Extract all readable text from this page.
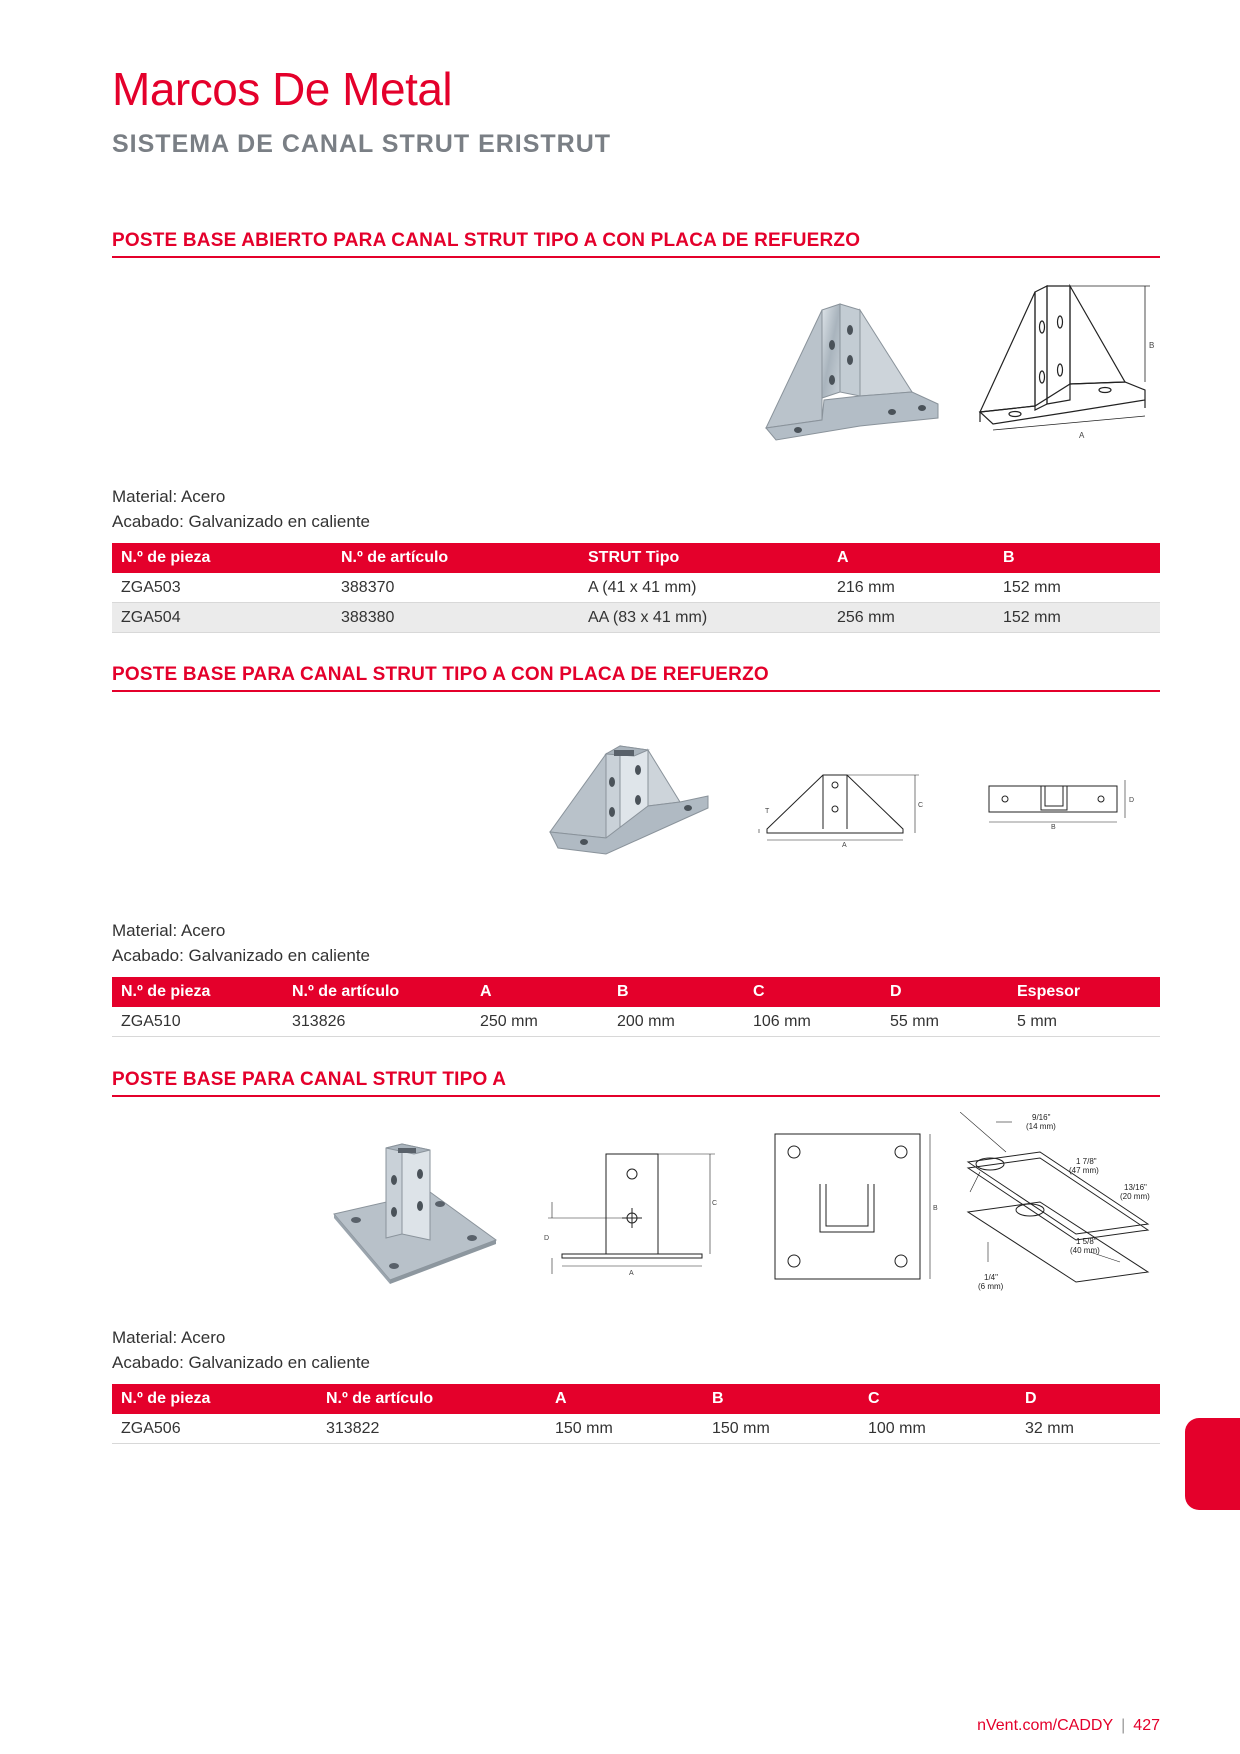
Marcos De Metal
SISTEMA DE CANAL STRUT ERISTRUT
POSTE BASE ABIERTO PARA CANAL STRUT TIPO A CON PLACA DE REFUERZO
B
A
Material: Acero
Acabado: Galvanizado en caliente
N.º de pieza	N.º de artículo	STRUT Tipo	A	B
ZGA503	388370	A (41 x 41 mm)	216 mm	152 mm
ZGA504	388380	AA (83 x 41 mm)	256 mm	152 mm
POSTE BASE PARA CANAL STRUT TIPO A CON PLACA DE REFUERZO
C
T
A
D
B
Material: Acero
Acabado: Galvanizado en caliente
N.º de pieza	N.º de artículo	A	B	C	D	Espesor
ZGA510	313826	250 mm	200 mm	106 mm	55 mm	5 mm
POSTE BASE PARA CANAL STRUT TIPO A
C
D
A
B
9/16"
(14 mm)
1 7/8"
(47 mm)
13/16"
(20 mm)
1 5/8"
(40 mm)
1/4"
(6 mm)
Material: Acero
Acabado: Galvanizado en caliente
N.º de pieza	N.º de artículo	A	B	C	D
ZGA506	313822	150 mm	150 mm	100 mm	32 mm
nVent.com/CADDY | 427
